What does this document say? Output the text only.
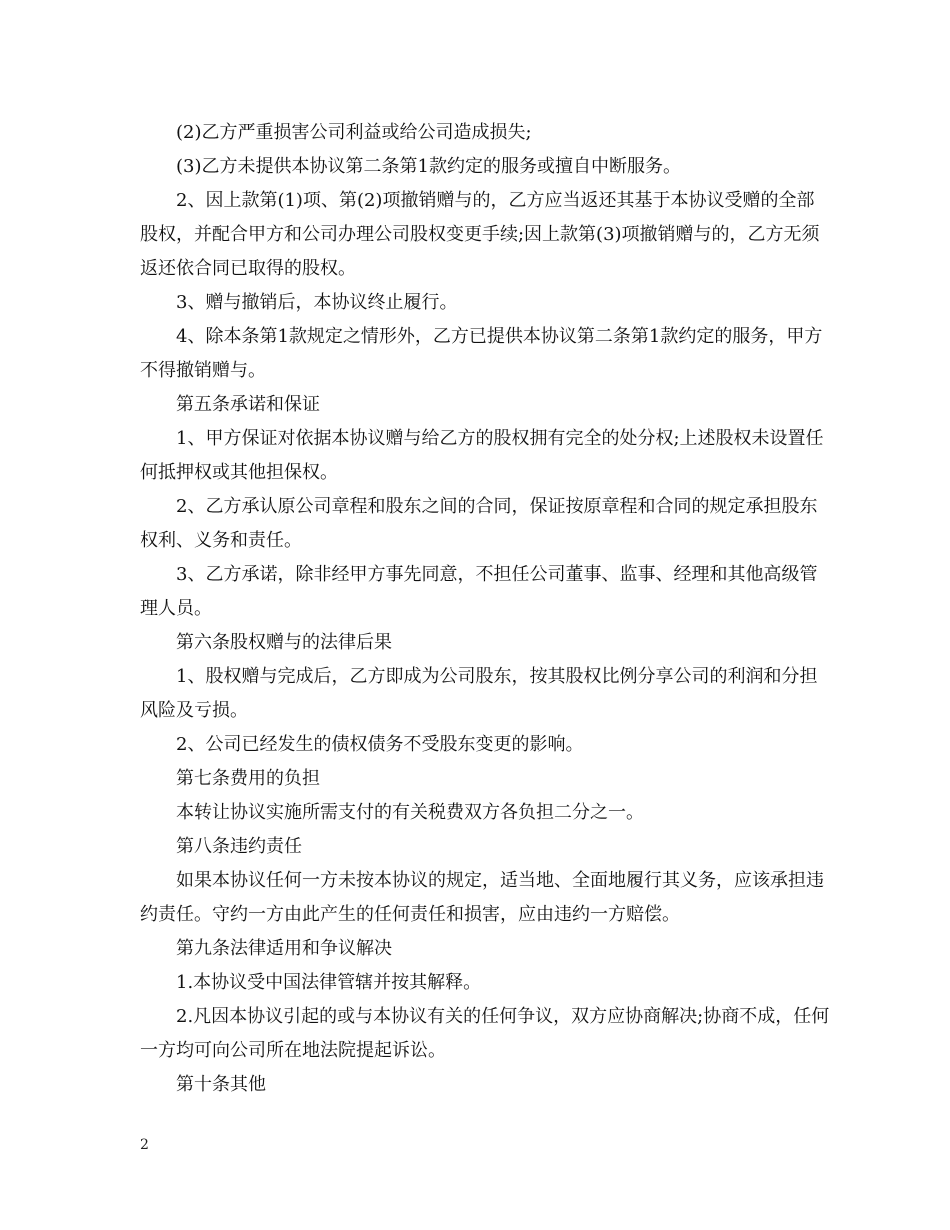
(2)乙方严重损害公司利益或给公司造成损失;

(3)乙方未提供本协议第二条第1款约定的服务或擅自中断服务。

2、因上款第(1)项、第(2)项撤销赠与的，乙方应当返还其基于本协议受赠的全部股权，并配合甲方和公司办理公司股权变更手续;因上款第(3)项撤销赠与的，乙方无须返还依合同已取得的股权。

3、赠与撤销后，本协议终止履行。

4、除本条第1款规定之情形外，乙方已提供本协议第二条第1款约定的服务，甲方不得撤销赠与。

第五条承诺和保证

1、甲方保证对依据本协议赠与给乙方的股权拥有完全的处分权;上述股权未设置任何抵押权或其他担保权。

2、乙方承认原公司章程和股东之间的合同，保证按原章程和合同的规定承担股东权利、义务和责任。

3、乙方承诺，除非经甲方事先同意，不担任公司董事、监事、经理和其他高级管理人员。

第六条股权赠与的法律后果

1、股权赠与完成后，乙方即成为公司股东，按其股权比例分享公司的利润和分担风险及亏损。

2、公司已经发生的债权债务不受股东变更的影响。

第七条费用的负担

本转让协议实施所需支付的有关税费双方各负担二分之一。

第八条违约责任

如果本协议任何一方未按本协议的规定，适当地、全面地履行其义务，应该承担违约责任。守约一方由此产生的任何责任和损害，应由违约一方赔偿。

第九条法律适用和争议解决

1.本协议受中国法律管辖并按其解释。

2.凡因本协议引起的或与本协议有关的任何争议，双方应协商解决;协商不成，任何一方均可向公司所在地法院提起诉讼。

第十条其他

2
